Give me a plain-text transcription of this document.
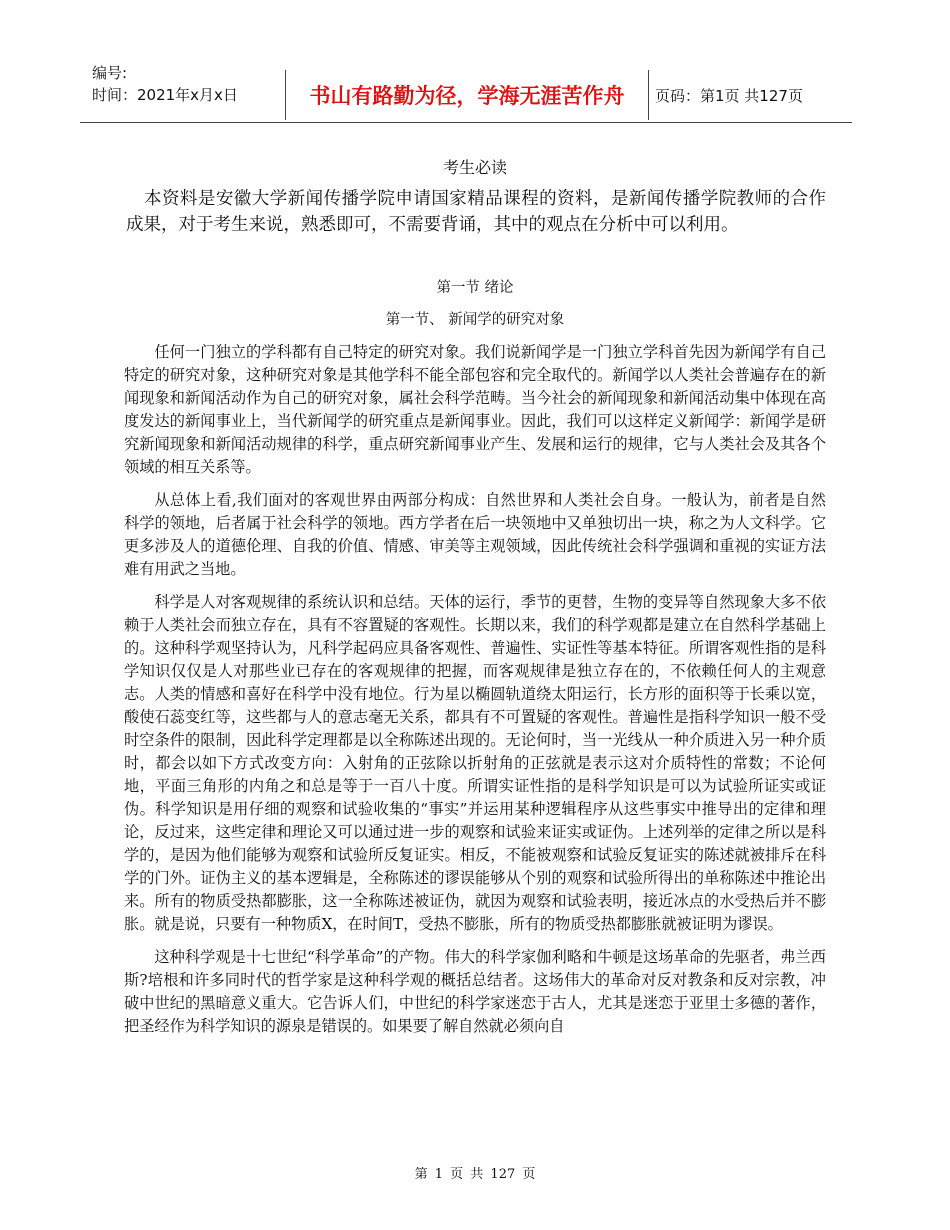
编号:
时间：2021年x月x日	书山有路勤为径，学海无涯苦作舟	页码：第1页 共127页
考生必读
本资料是安徽大学新闻传播学院申请国家精品课程的资料，是新闻传播学院教师的合作成果，对于考生来说，熟悉即可，不需要背诵，其中的观点在分析中可以利用。
第一节 绪论
第一节、 新闻学的研究对象

任何一门独立的学科都有自己特定的研究对象。我们说新闻学是一门独立学科首先因为新闻学有自己特定的研究对象，这种研究对象是其他学科不能全部包容和完全取代的。新闻学以人类社会普遍存在的新闻现象和新闻活动作为自己的研究对象，属社会科学范畴。当今社会的新闻现象和新闻活动集中体现在高度发达的新闻事业上，当代新闻学的研究重点是新闻事业。因此，我们可以这样定义新闻学：新闻学是研究新闻现象和新闻活动规律的科学，重点研究新闻事业产生、发展和运行的规律，它与人类社会及其各个领域的相互关系等。

从总体上看,我们面对的客观世界由两部分构成：自然世界和人类社会自身。一般认为，前者是自然科学的领地，后者属于社会科学的领地。西方学者在后一块领地中又单独切出一块，称之为人文科学。它更多涉及人的道德伦理、自我的价值、情感、审美等主观领域，因此传统社会科学强调和重视的实证方法难有用武之当地。

科学是人对客观规律的系统认识和总结。天体的运行，季节的更替，生物的变异等自然现象大多不依赖于人类社会而独立存在，具有不容置疑的客观性。长期以来，我们的科学观都是建立在自然科学基础上的。这种科学观坚持认为，凡科学起码应具备客观性、普遍性、实证性等基本特征。所谓客观性指的是科学知识仅仅是人对那些业已存在的客观规律的把握，而客观规律是独立存在的，不依赖任何人的主观意志。人类的情感和喜好在科学中没有地位。行为星以椭圆轨道绕太阳运行，长方形的面积等于长乘以宽，酸使石蕊变红等，这些都与人的意志毫无关系，都具有不可置疑的客观性。普遍性是指科学知识一般不受时空条件的限制，因此科学定理都是以全称陈述出现的。无论何时，当一光线从一种介质进入另一种介质时，都会以如下方式改变方向：入射角的正弦除以折射角的正弦就是表示这对介质特性的常数；不论何地，平面三角形的内角之和总是等于一百八十度。所谓实证性指的是科学知识是可以为试验所证实或证伪。科学知识是用仔细的观察和试验收集的“事实”并运用某种逻辑程序从这些事实中推导出的定律和理论，反过来，这些定律和理论又可以通过进一步的观察和试验来证实或证伪。上述列举的定律之所以是科学的，是因为他们能够为观察和试验所反复证实。相反，不能被观察和试验反复证实的陈述就被排斥在科学的门外。证伪主义的基本逻辑是，全称陈述的谬误能够从个别的观察和试验所得出的单称陈述中推论出来。所有的物质受热都膨胀，这一全称陈述被证伪，就因为观察和试验表明，接近冰点的水受热后并不膨胀。就是说，只要有一种物质X，在时间T，受热不膨胀，所有的物质受热都膨胀就被证明为谬误。

这种科学观是十七世纪“科学革命”的产物。伟大的科学家伽利略和牛顿是这场革命的先驱者，弗兰西斯?培根和许多同时代的哲学家是这种科学观的概括总结者。这场伟大的革命对反对教条和反对宗教，冲破中世纪的黑暗意义重大。它告诉人们，中世纪的科学家迷恋于古人，尤其是迷恋于亚里士多德的著作，把圣经作为科学知识的源泉是错误的。如果要了解自然就必须向自

第 1 页 共 127 页
